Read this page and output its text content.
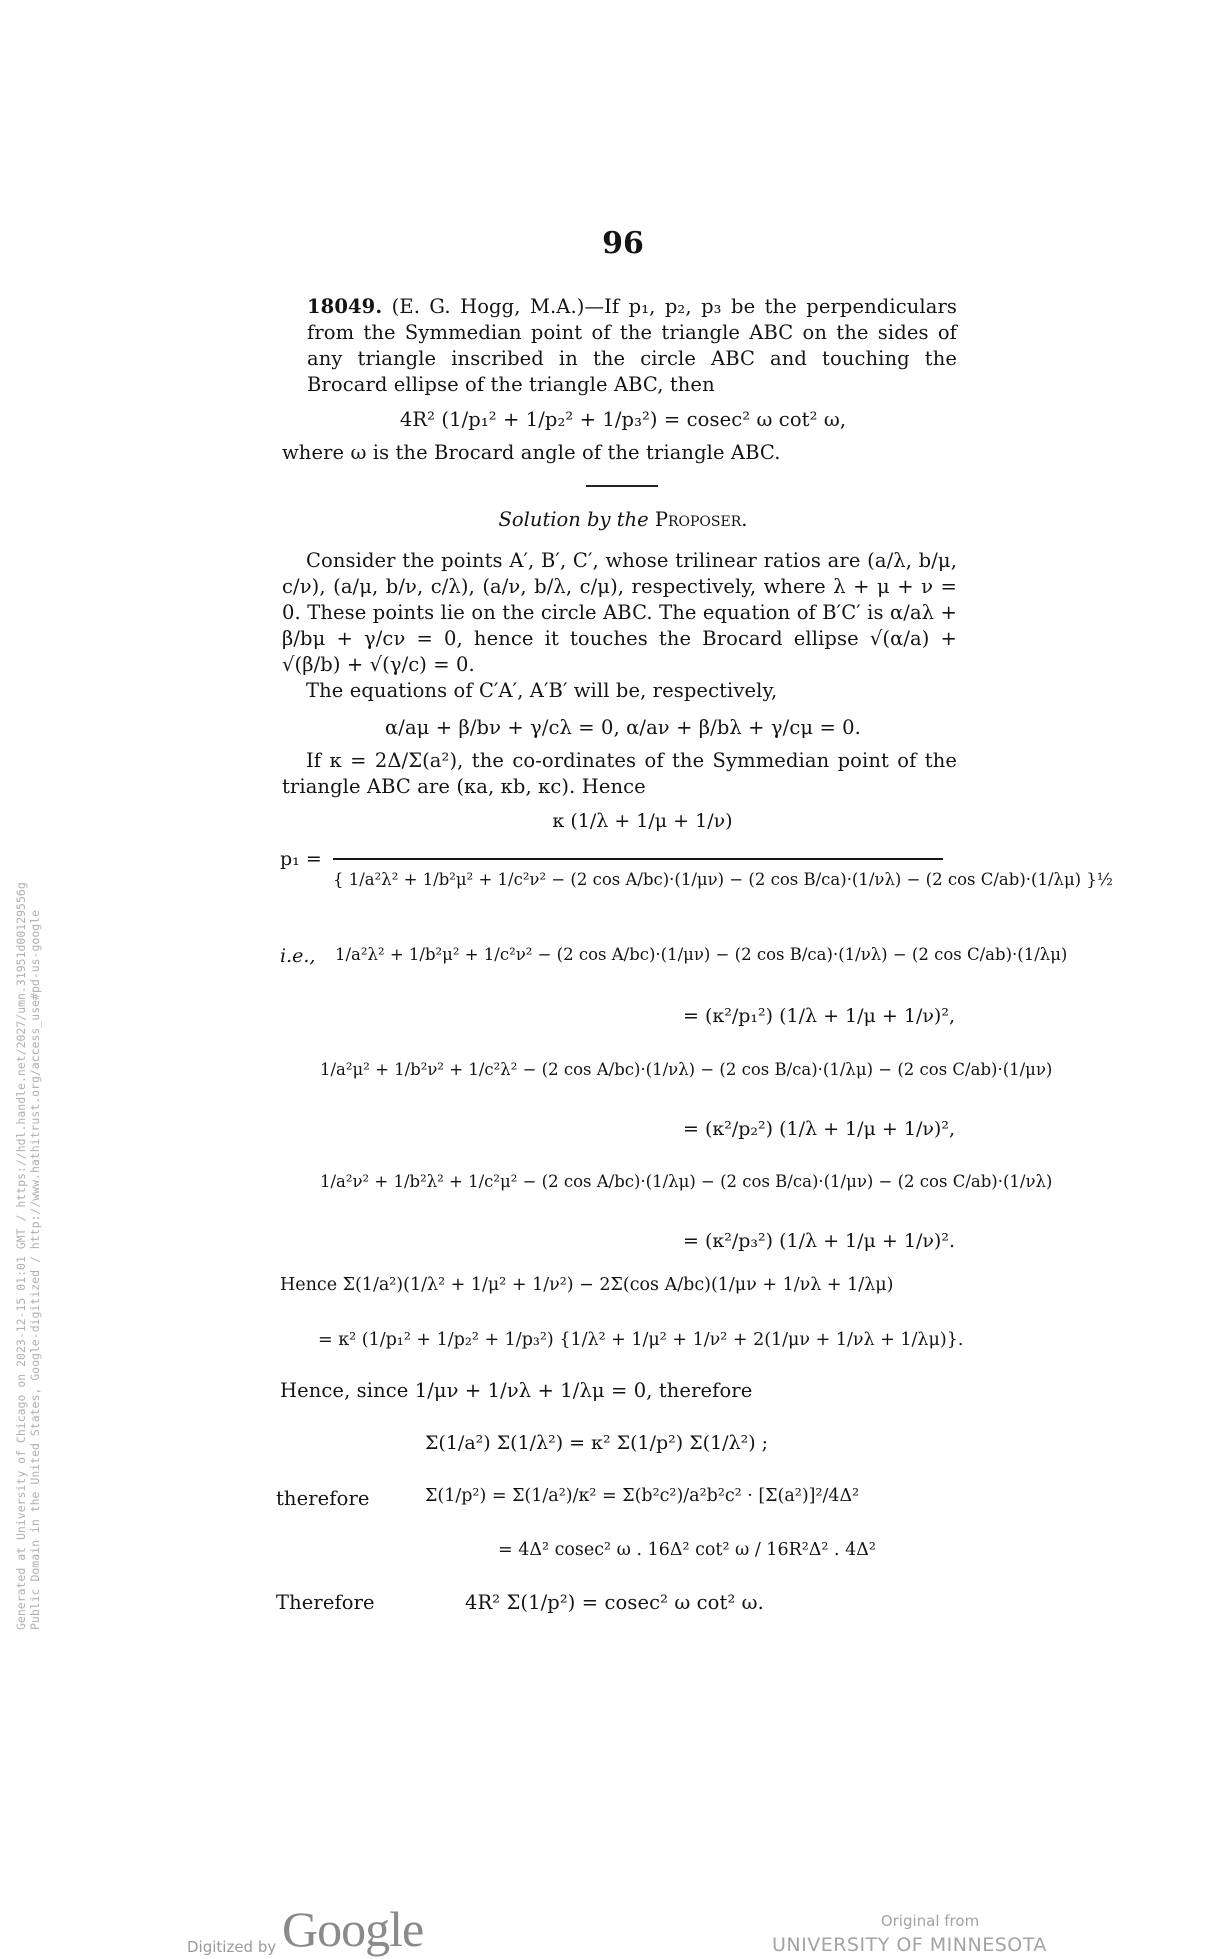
96
18049. (E. G. Hogg, M.A.)—If p₁, p₂, p₃ be the perpendiculars from the Symmedian point of the triangle ABC on the sides of any triangle inscribed in the circle ABC and touching the Brocard ellipse of the triangle ABC, then
4R² (1/p₁² + 1/p₂² + 1/p₃²) = cosec² ω cot² ω,
where ω is the Brocard angle of the triangle ABC.
Solution by the Proposer.

Consider the points A′, B′, C′, whose trilinear ratios are (a/λ, b/μ, c/ν), (a/μ, b/ν, c/λ), (a/ν, b/λ, c/μ), respectively, where λ + μ + ν = 0. These points lie on the circle ABC. The equation of B′C′ is α/aλ + β/bμ + γ/cν = 0, hence it touches the Brocard ellipse √(α/a) + √(β/b) + √(γ/c) = 0.

The equations of C′A′, A′B′ will be, respectively,

α/aμ + β/bν + γ/cλ = 0, α/aν + β/bλ + γ/cμ = 0.

If κ = 2Δ/Σ(a²), the co-ordinates of the Symmedian point of the triangle ABC are (κa, κb, κc). Hence

p₁ =
κ (1/λ + 1/μ + 1/ν)
{ 1/a²λ² + 1/b²μ² + 1/c²ν² − (2 cos A/bc)·(1/μν) − (2 cos B/ca)·(1/νλ) − (2 cos C/ab)·(1/λμ) }½
i.e., 1/a²λ² + 1/b²μ² + 1/c²ν² − (2 cos A/bc)·(1/μν) − (2 cos B/ca)·(1/νλ) − (2 cos C/ab)·(1/λμ)
= (κ²/p₁²) (1/λ + 1/μ + 1/ν)²,
1/a²μ² + 1/b²ν² + 1/c²λ² − (2 cos A/bc)·(1/νλ) − (2 cos B/ca)·(1/λμ) − (2 cos C/ab)·(1/μν)
= (κ²/p₂²) (1/λ + 1/μ + 1/ν)²,
1/a²ν² + 1/b²λ² + 1/c²μ² − (2 cos A/bc)·(1/λμ) − (2 cos B/ca)·(1/μν) − (2 cos C/ab)·(1/νλ)
= (κ²/p₃²) (1/λ + 1/μ + 1/ν)².
Hence Σ(1/a²)(1/λ² + 1/μ² + 1/ν²) − 2Σ(cos A/bc)(1/μν + 1/νλ + 1/λμ)
= κ² (1/p₁² + 1/p₂² + 1/p₃²) {1/λ² + 1/μ² + 1/ν² + 2(1/μν + 1/νλ + 1/λμ)}.
Hence, since 1/μν + 1/νλ + 1/λμ = 0, therefore
Σ(1/a²) Σ(1/λ²) = κ² Σ(1/p²) Σ(1/λ²) ;
therefore	Σ(1/p²) = Σ(1/a²)/κ² = Σ(b²c²)/a²b²c² · [Σ(a²)]²/4Δ²
= 4Δ² cosec² ω . 16Δ² cot² ω / 16R²Δ² . 4Δ²
Therefore	4R² Σ(1/p²) = cosec² ω cot² ω.
Generated at University of Chicago on 2023-12-15 01:01 GMT / https://hdl.handle.net/2027/umn.31951d00129556g Public Domain in the United States, Google-digitized / http://www.hathitrust.org/access_use#pd-us-google
Digitized by Google	Original from
UNIVERSITY OF MINNESOTA
